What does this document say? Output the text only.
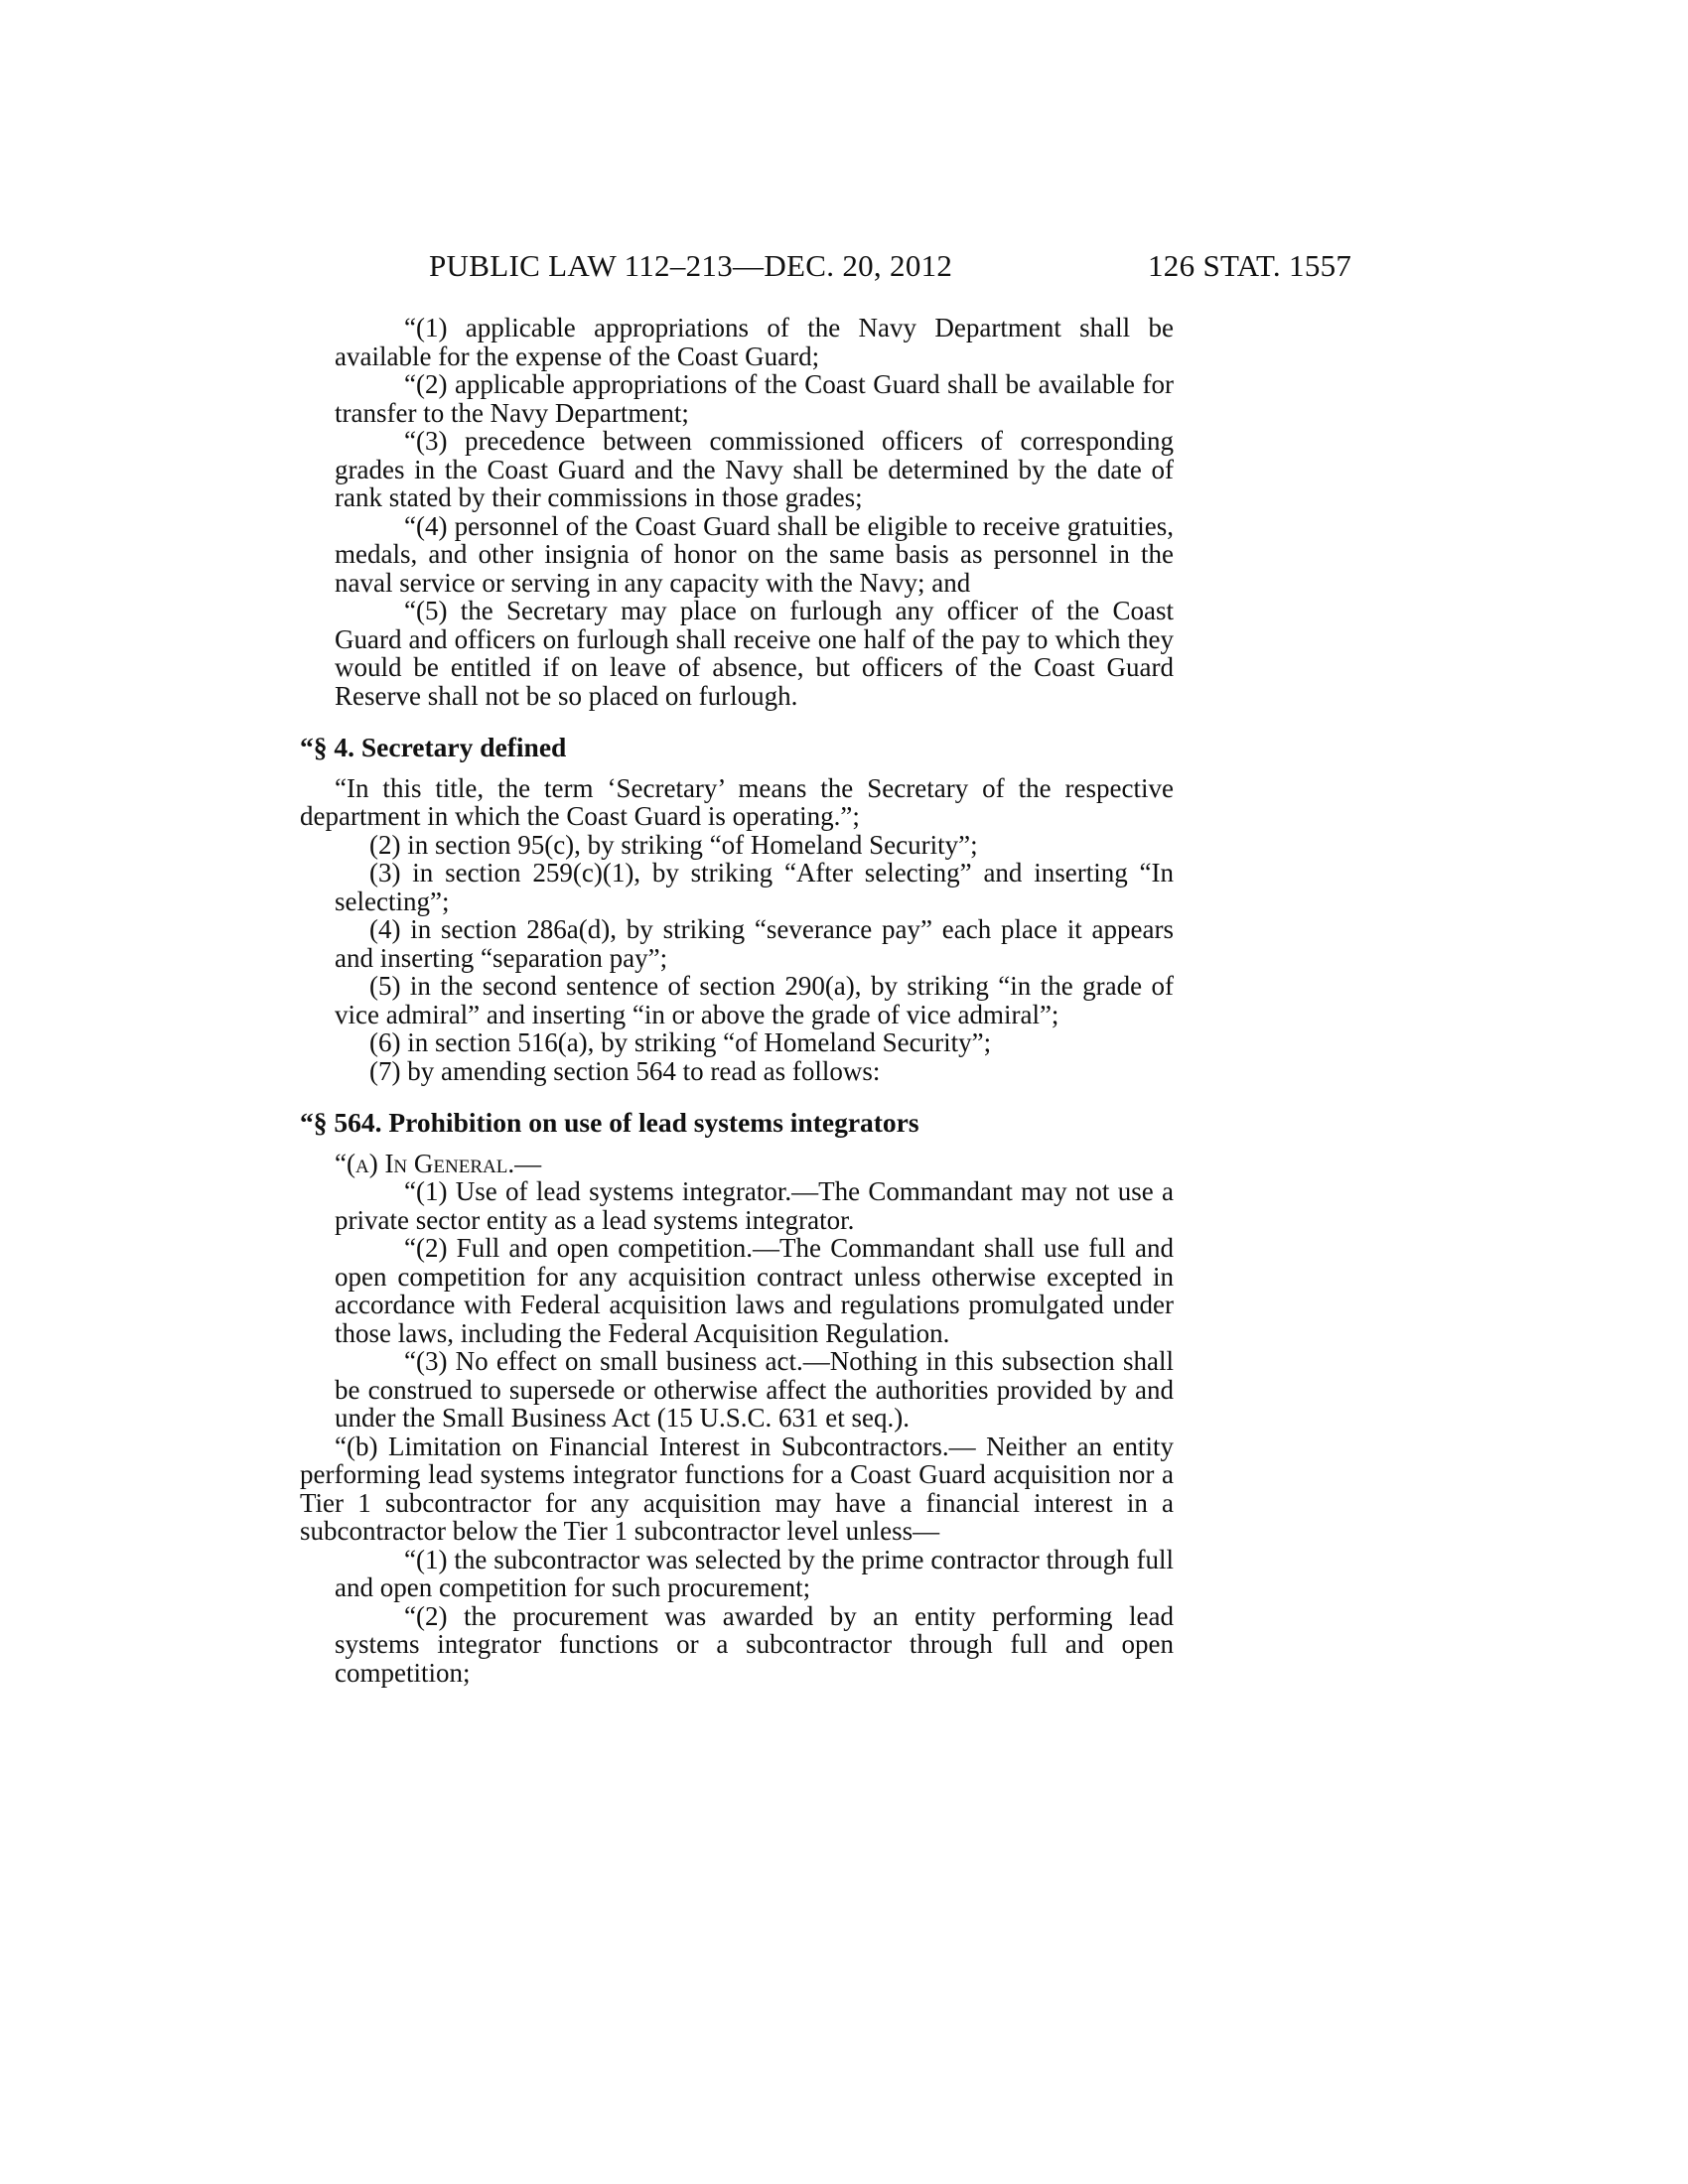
PUBLIC LAW 112–213—DEC. 20, 2012	126 STAT. 1557

“(1) applicable appropriations of the Navy Department shall be available for the expense of the Coast Guard;

“(2) applicable appropriations of the Coast Guard shall be available for transfer to the Navy Department;

“(3) precedence between commissioned officers of corresponding grades in the Coast Guard and the Navy shall be determined by the date of rank stated by their commissions in those grades;

“(4) personnel of the Coast Guard shall be eligible to receive gratuities, medals, and other insignia of honor on the same basis as personnel in the naval service or serving in any capacity with the Navy; and

“(5) the Secretary may place on furlough any officer of the Coast Guard and officers on furlough shall receive one half of the pay to which they would be entitled if on leave of absence, but officers of the Coast Guard Reserve shall not be so placed on furlough.

“§ 4. Secretary defined

“In this title, the term ‘Secretary’ means the Secretary of the respective department in which the Coast Guard is operating.”;

(2) in section 95(c), by striking “of Homeland Security”;

(3) in section 259(c)(1), by striking “After selecting” and inserting “In selecting”;

(4) in section 286a(d), by striking “severance pay” each place it appears and inserting “separation pay”;

(5) in the second sentence of section 290(a), by striking “in the grade of vice admiral” and inserting “in or above the grade of vice admiral”;

(6) in section 516(a), by striking “of Homeland Security”;

(7) by amending section 564 to read as follows:

“§ 564. Prohibition on use of lead systems integrators

“(a) In General.—

“(1) Use of lead systems integrator.—The Commandant may not use a private sector entity as a lead systems integrator.

“(2) Full and open competition.—The Commandant shall use full and open competition for any acquisition contract unless otherwise excepted in accordance with Federal acquisition laws and regulations promulgated under those laws, including the Federal Acquisition Regulation.

“(3) No effect on small business act.—Nothing in this subsection shall be construed to supersede or otherwise affect the authorities provided by and under the Small Business Act (15 U.S.C. 631 et seq.).

“(b) Limitation on Financial Interest in Subcontractors.— Neither an entity performing lead systems integrator functions for a Coast Guard acquisition nor a Tier 1 subcontractor for any acquisition may have a financial interest in a subcontractor below the Tier 1 subcontractor level unless—

“(1) the subcontractor was selected by the prime contractor through full and open competition for such procurement;

“(2) the procurement was awarded by an entity performing lead systems integrator functions or a subcontractor through full and open competition;
